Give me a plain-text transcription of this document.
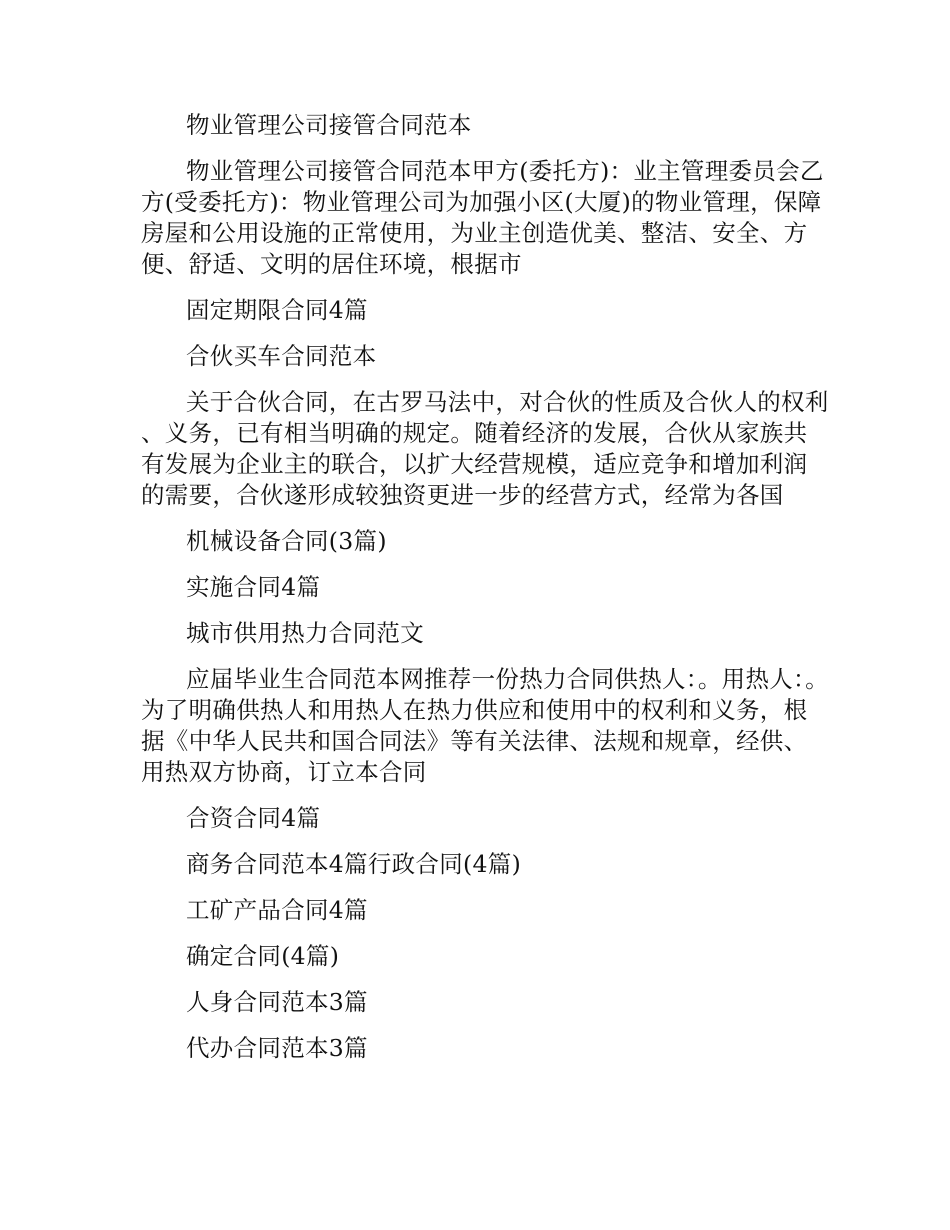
物业管理公司接管合同范本

物业管理公司接管合同范本甲方(委托方)：业主管理委员会乙方(受委托方)：物业管理公司为加强小区(大厦)的物业管理，保障房屋和公用设施的正常使用，为业主创造优美、整洁、安全、方便、舒适、文明的居住环境，根据市

固定期限合同4篇

合伙买车合同范本

关于合伙合同，在古罗马法中，对合伙的性质及合伙人的权利、义务，已有相当明确的规定。随着经济的发展，合伙从家族共有发展为企业主的联合，以扩大经营规模，适应竞争和增加利润的需要，合伙遂形成较独资更进一步的经营方式，经常为各国

机械设备合同(3篇)

实施合同4篇

城市供用热力合同范文

应届毕业生合同范本网推荐一份热力合同供热人：。用热人：。为了明确供热人和用热人在热力供应和使用中的权利和义务，根据《中华人民共和国合同法》等有关法律、法规和规章，经供、用热双方协商，订立本合同

合资合同4篇

商务合同范本4篇行政合同(4篇)

工矿产品合同4篇

确定合同(4篇)

人身合同范本3篇

代办合同范本3篇
